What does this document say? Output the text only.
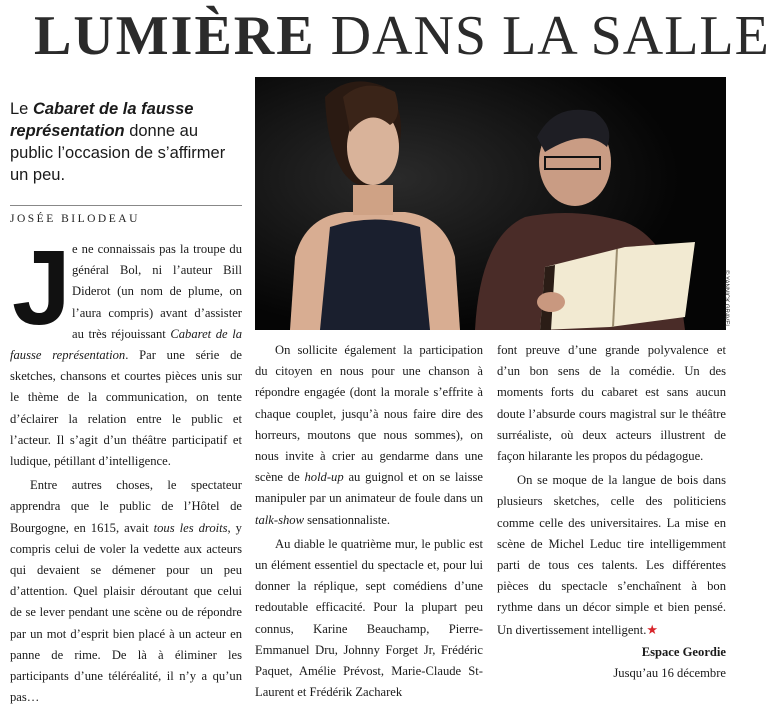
LUMIÈRE DANS LA SALLE
© YANNICK GRAVEL
Le Cabaret de la fausse représentation donne au public l’occasion de s’affirmer un peu.
JOSÉE BILODEAU
J e ne connaissais pas la troupe du général Bol, ni l’auteur Bill Diderot (un nom de plume, on l’aura compris) avant d’assister au très réjouissant Cabaret de la fausse représentation. Par une série de sketches, chansons et courtes pièces unis sur le thème de la communication, on tente d’éclairer la relation entre le public et l’acteur. Il s’agit d’un théâtre participatif et ludique, pétillant d’intelligence.

Entre autres choses, le spectateur apprendra que le public de l’Hôtel de Bourgogne, en 1615, avait tous les droits, y compris celui de voler la vedette aux acteurs qui devaient se démener pour un peu d’attention. Quel plaisir déroutant que celui de se lever pendant une scène ou de répondre par un mot d’esprit bien placé à un acteur en panne de rime. De là à éliminer les participants d’une téléréalité, il n’y a qu’un pas…

On sollicite également la participation du citoyen en nous pour une chanson à répondre engagée (dont la morale s’effrite à chaque couplet, jusqu’à nous faire dire des horreurs, moutons que nous sommes), on nous invite à crier au gendarme dans une scène de hold-up au guignol et on se laisse manipuler par un animateur de foule dans un talk-show sensationnaliste.

Au diable le quatrième mur, le public est un élément essentiel du spectacle et, pour lui donner la réplique, sept comédiens d’une redoutable efficacité. Pour la plupart peu connus, Karine Beauchamp, Pierre-Emmanuel Dru, Johnny Forget Jr, Frédéric Paquet, Amélie Prévost, Marie-Claude St-Laurent et Frédérik Zacharek

font preuve d’une grande polyvalence et d’un bon sens de la comédie. Un des moments forts du cabaret est sans aucun doute l’absurde cours magistral sur le théâtre surréaliste, où deux acteurs illustrent de façon hilarante les propos du pédagogue.

On se moque de la langue de bois dans plusieurs sketches, celle des politiciens comme celle des universitaires. La mise en scène de Michel Leduc tire intelligemment parti de tous ces talents. Les différentes pièces du spectacle s’enchaînent à bon rythme dans un décor simple et bien pensé. Un divertissement intelligent.★

Espace Geordie
Jusqu’au 16 décembre
